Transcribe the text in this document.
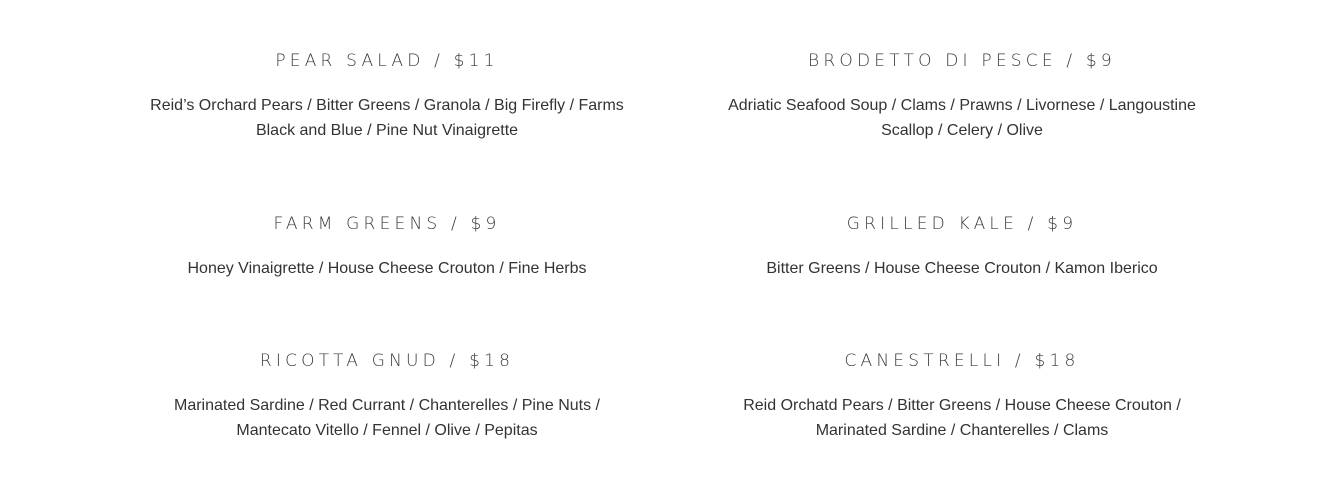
PEAR SALAD / $11
Reid’s Orchard Pears / Bitter Greens / Granola / Big Firefly / Farms
Black and Blue / Pine Nut Vinaigrette
BRODETTO DI PESCE / $9
Adriatic Seafood Soup / Clams / Prawns / Livornese / Langoustine
Scallop / Celery / Olive
FARM GREENS / $9
Honey Vinaigrette / House Cheese Crouton / Fine Herbs
GRILLED KALE / $9
Bitter Greens / House Cheese Crouton / Kamon Iberico
RICOTTA GNUD / $18
Marinated Sardine / Red Currant / Chanterelles / Pine Nuts /
Mantecato Vitello / Fennel / Olive / Pepitas
CANESTRELLI / $18
Reid Orchatd Pears / Bitter Greens / House Cheese Crouton /
Marinated Sardine / Chanterelles / Clams
